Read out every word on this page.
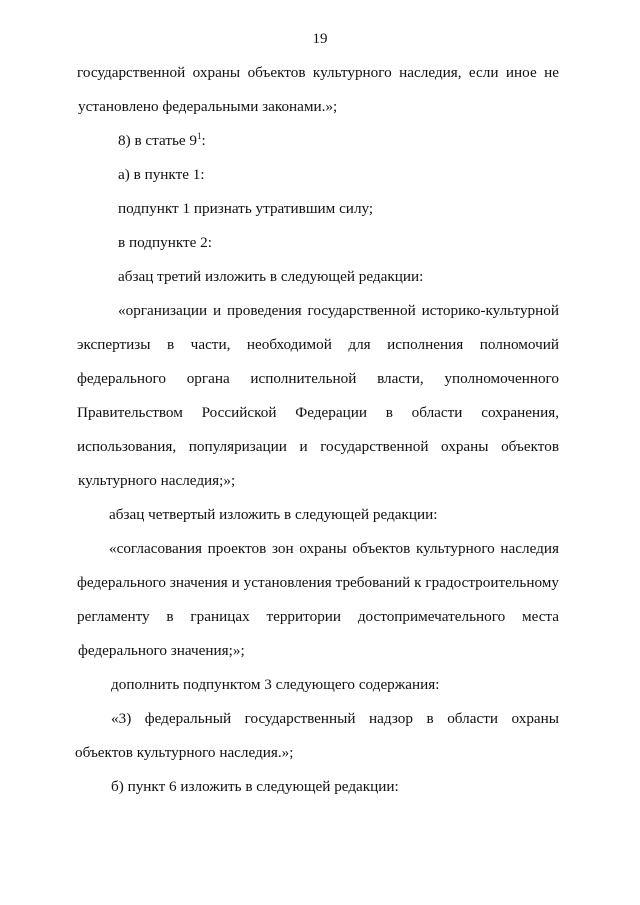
19
государственной охраны объектов культурного наследия, если иное не
установлено федеральными законами.»;
8) в статье $9^1$:
а) в пункте 1:
подпункт 1 признать утратившим силу;
в подпункте 2:
абзац третий изложить в следующей редакции:
«организации и проведения государственной историко-культурной
экспертизы в части, необходимой для исполнения полномочий
федерального органа исполнительной власти, уполномоченного
Правительством Российской Федерации в области сохранения,
использования, популяризации и государственной охраны объектов
культурного наследия;»;
абзац четвертый изложить в следующей редакции:
«согласования проектов зон охраны объектов культурного наследия
федерального значения и установления требований к градостроительному
регламенту в границах территории достопримечательного места
федерального значения;»;
дополнить подпунктом 3 следующего содержания:
«3) федеральный государственный надзор в области охраны
объектов культурного наследия.»;
б) пункт 6 изложить в следующей редакции:
